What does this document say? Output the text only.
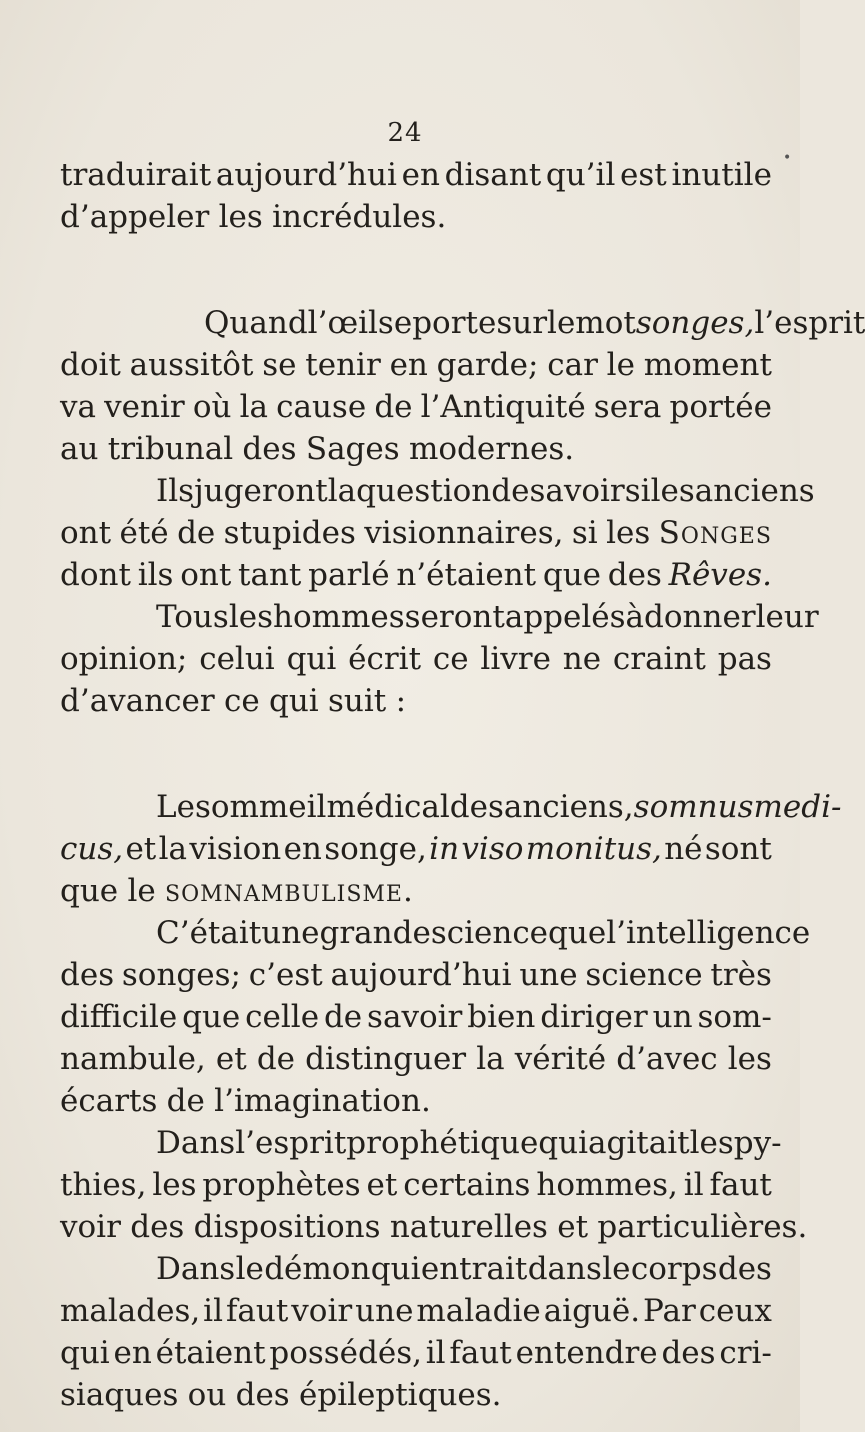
24
•
traduirait aujourd’hui en disant qu’il est inutile
d’appeler les incrédules.
Quand l’œil se porte sur le mot songes, l’esprit
doit aussitôt se tenir en garde; car le moment
va venir où la cause de l’Antiquité sera portée
au tribunal des Sages modernes.
Ils jugeront la question de savoir si les anciens
ont été de stupides visionnaires, si les Songes
dont ils ont tant parlé n’étaient que des Rêves.
Tous les hommes seront appelés à donner leur
opinion; celui qui écrit ce livre ne craint pas
d’avancer ce qui suit :
Le sommeil médical des anciens, somnus medi-
cus, et la vision en songe, in viso monitus, né sont
que le somnambulisme.
C’était une grande science que l’intelligence
des songes; c’est aujourd’hui une science très
difficile que celle de savoir bien diriger un som-
nambule, et de distinguer la vérité d’avec les
écarts de l’imagination.
Dans l’esprit prophétique qui agitait les py-
thies, les prophètes et certains hommes, il faut
voir des dispositions naturelles et particulières.
Dans le démon qui entrait dans le corps des
malades, il faut voir une maladie aiguë. Par ceux
qui en étaient possédés, il faut entendre des cri-
siaques ou des épileptiques.
